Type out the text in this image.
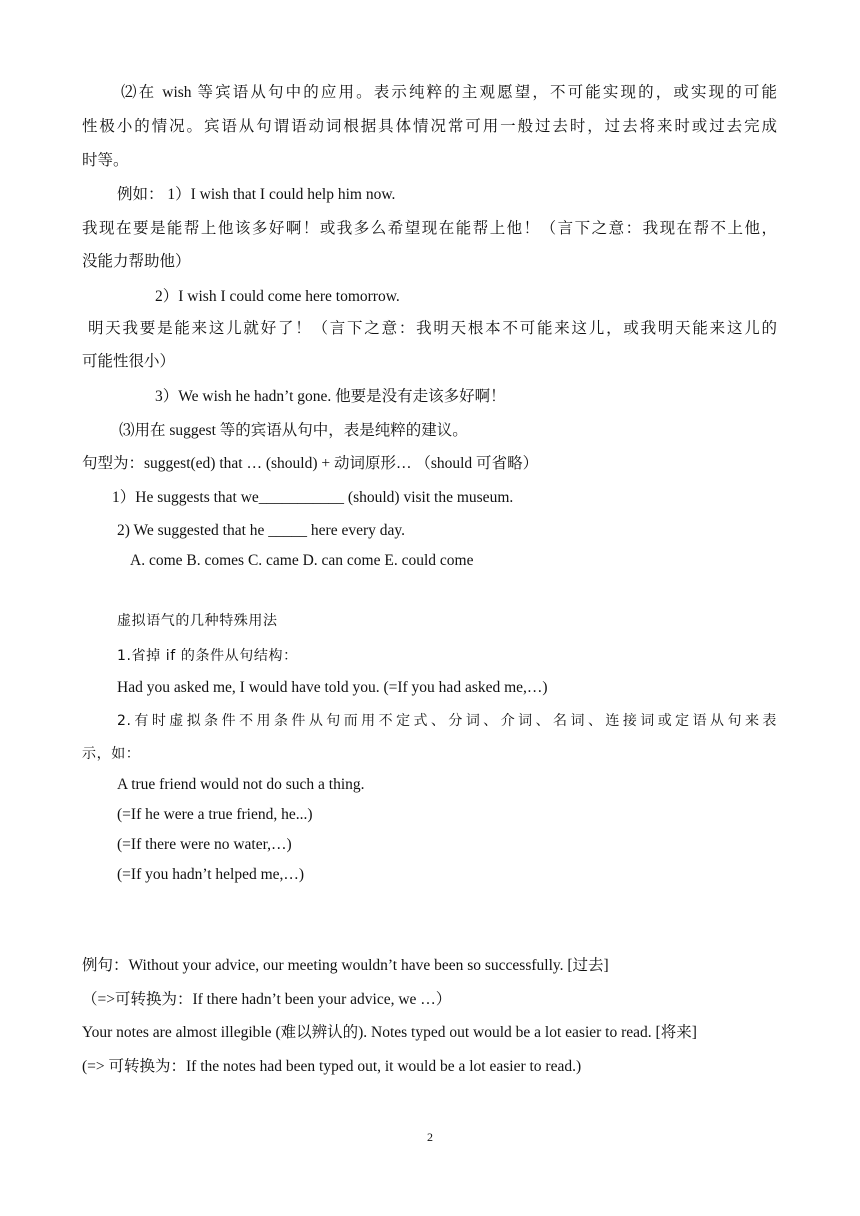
⑵在 wish 等宾语从句中的应用。表示纯粹的主观愿望，不可能实现的，或实现的可能
性极小的情况。宾语从句谓语动词根据具体情况常可用一般过去时，过去将来时或过去完成
时等。
例如： 1）I wish that I could help him now.
我现在要是能帮上他该多好啊！或我多么希望现在能帮上他！（言下之意：我现在帮不上他，
没能力帮助他）
2）I wish I could come here tomorrow.
明天我要是能来这儿就好了！（言下之意：我明天根本不可能来这儿，或我明天能来这儿的
可能性很小）
3）We wish he hadn’t gone. 他要是没有走该多好啊！
⑶用在 suggest 等的宾语从句中，表是纯粹的建议。
句型为：suggest(ed) that … (should) + 动词原形… （should 可省略）
1）He suggests that we___________ (should) visit the museum.
2) We suggested that he _____ here every day.
A. come B. comes C. came D. can come E. could come
虚拟语气的几种特殊用法
1.省掉 if 的条件从句结构：
Had you asked me, I would have told you. (=If you had asked me,…)
2.有时虚拟条件不用条件从句而用不定式、分词、介词、名词、连接词或定语从句来表
示，如：
A true friend would not do such a thing.
(=If he were a true friend, he...)
(=If there were no water,…)
(=If you hadn’t helped me,…)
例句：Without your advice, our meeting wouldn’t have been so successfully. [过去]
（=>可转换为：If there hadn’t been your advice, we …）
Your notes are almost illegible (难以辨认的). Notes typed out would be a lot easier to read. [将来]
(=> 可转换为：If the notes had been typed out, it would be a lot easier to read.)
2
